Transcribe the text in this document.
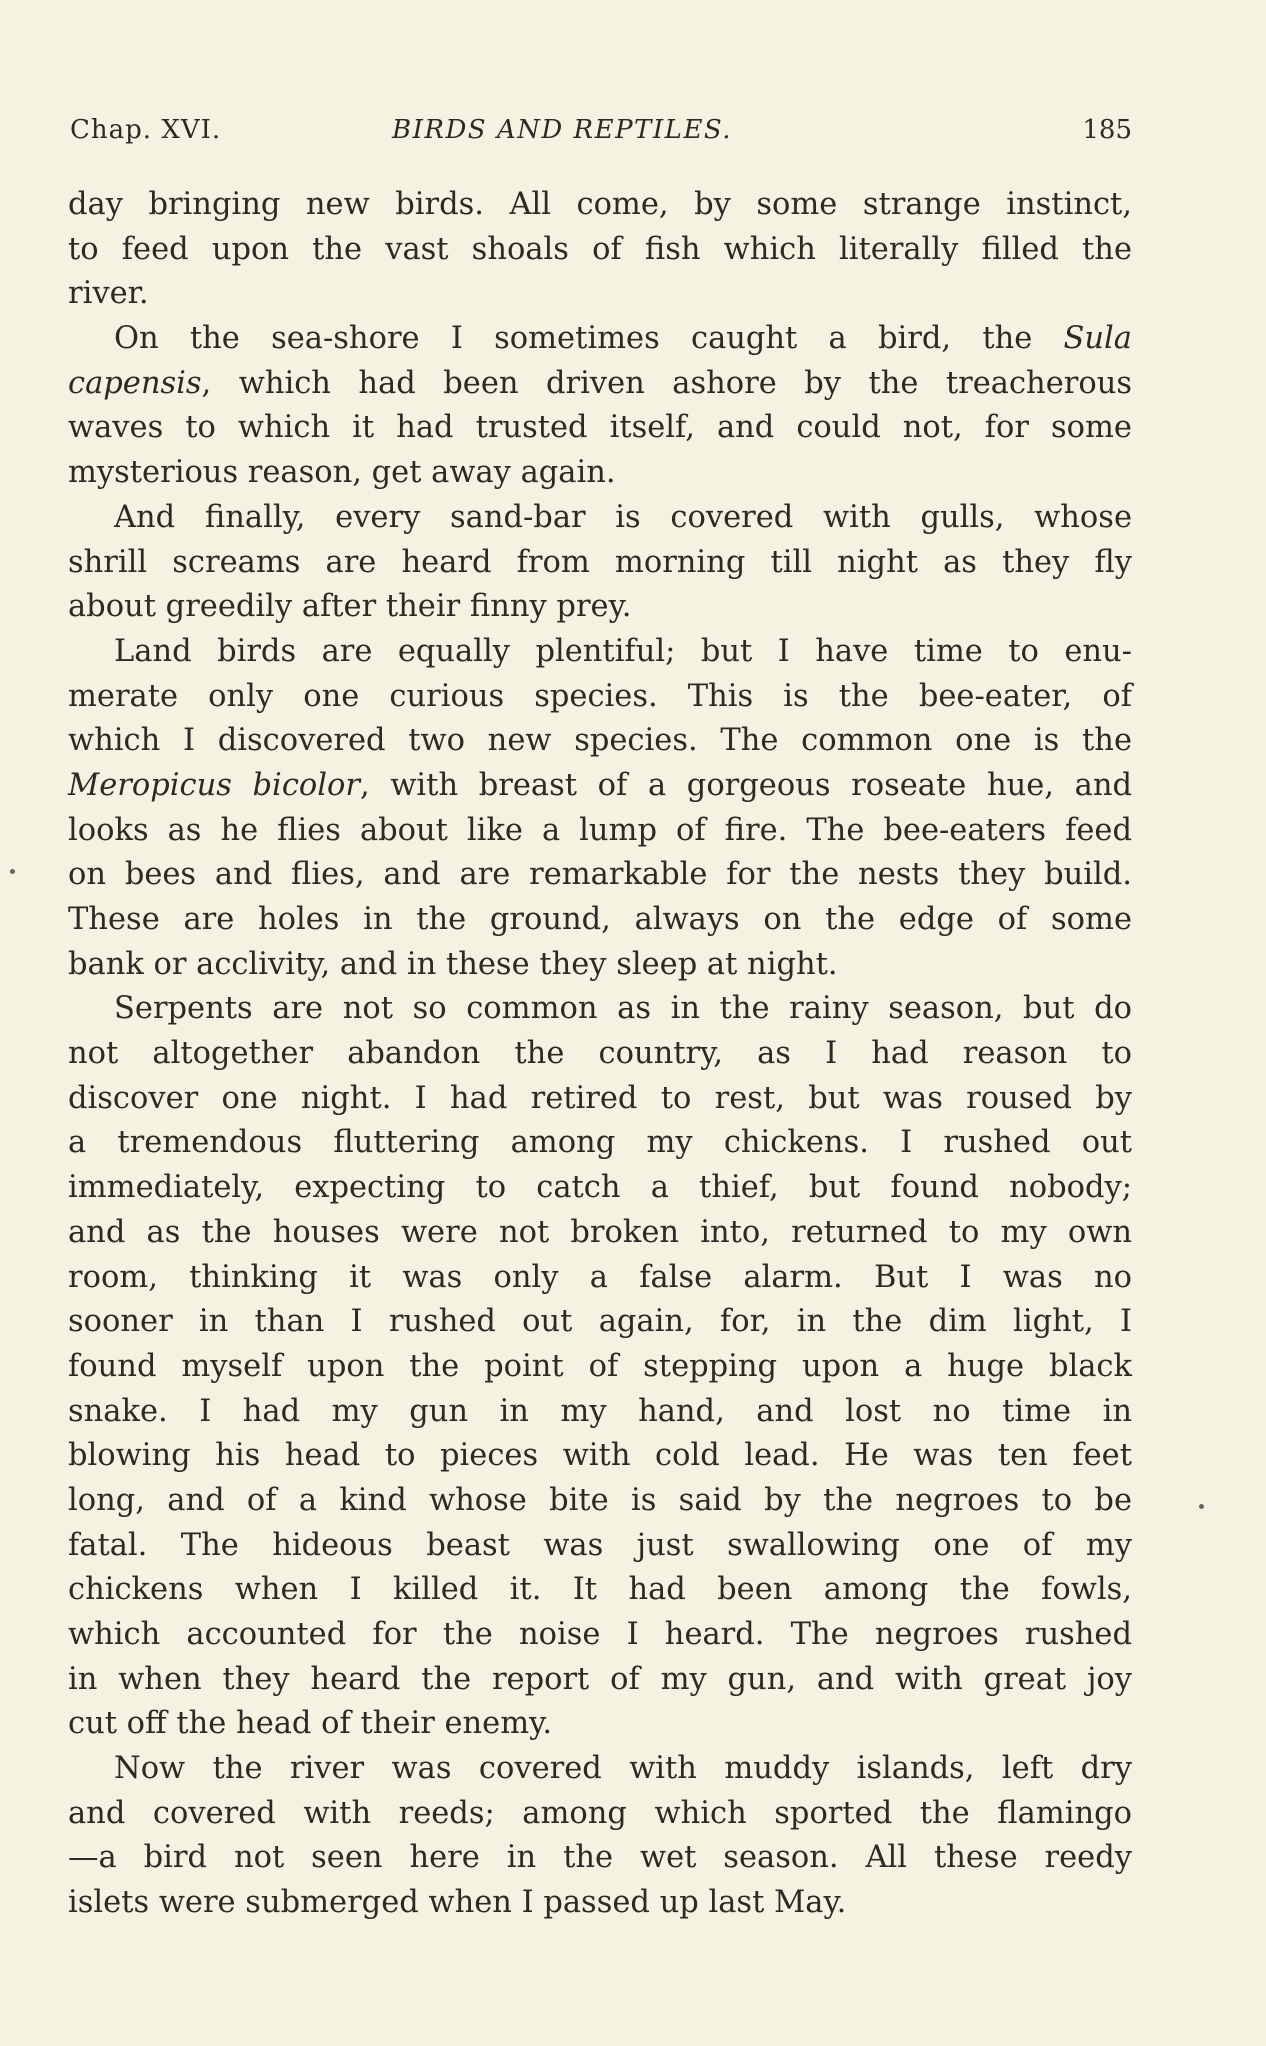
Chap. XVI.	BIRDS AND REPTILES.	185
day bringing new birds. All come, by some strange instinct,
to feed upon the vast shoals of fish which literally filled the
river.
On the sea-shore I sometimes caught a bird, the Sula
capensis, which had been driven ashore by the treacherous
waves to which it had trusted itself, and could not, for some
mysterious reason, get away again.
And finally, every sand-bar is covered with gulls, whose
shrill screams are heard from morning till night as they fly
about greedily after their finny prey.
Land birds are equally plentiful; but I have time to enu-
merate only one curious species. This is the bee-eater, of
which I discovered two new species. The common one is the
Meropicus bicolor, with breast of a gorgeous roseate hue, and
looks as he flies about like a lump of fire. The bee-eaters feed
on bees and flies, and are remarkable for the nests they build.
These are holes in the ground, always on the edge of some
bank or acclivity, and in these they sleep at night.
Serpents are not so common as in the rainy season, but do
not altogether abandon the country, as I had reason to
discover one night. I had retired to rest, but was roused by
a tremendous fluttering among my chickens. I rushed out
immediately, expecting to catch a thief, but found nobody;
and as the houses were not broken into, returned to my own
room, thinking it was only a false alarm. But I was no
sooner in than I rushed out again, for, in the dim light, I
found myself upon the point of stepping upon a huge black
snake. I had my gun in my hand, and lost no time in
blowing his head to pieces with cold lead. He was ten feet
long, and of a kind whose bite is said by the negroes to be
fatal. The hideous beast was just swallowing one of my
chickens when I killed it. It had been among the fowls,
which accounted for the noise I heard. The negroes rushed
in when they heard the report of my gun, and with great joy
cut off the head of their enemy.
Now the river was covered with muddy islands, left dry
and covered with reeds; among which sported the flamingo
—a bird not seen here in the wet season. All these reedy
islets were submerged when I passed up last May.
